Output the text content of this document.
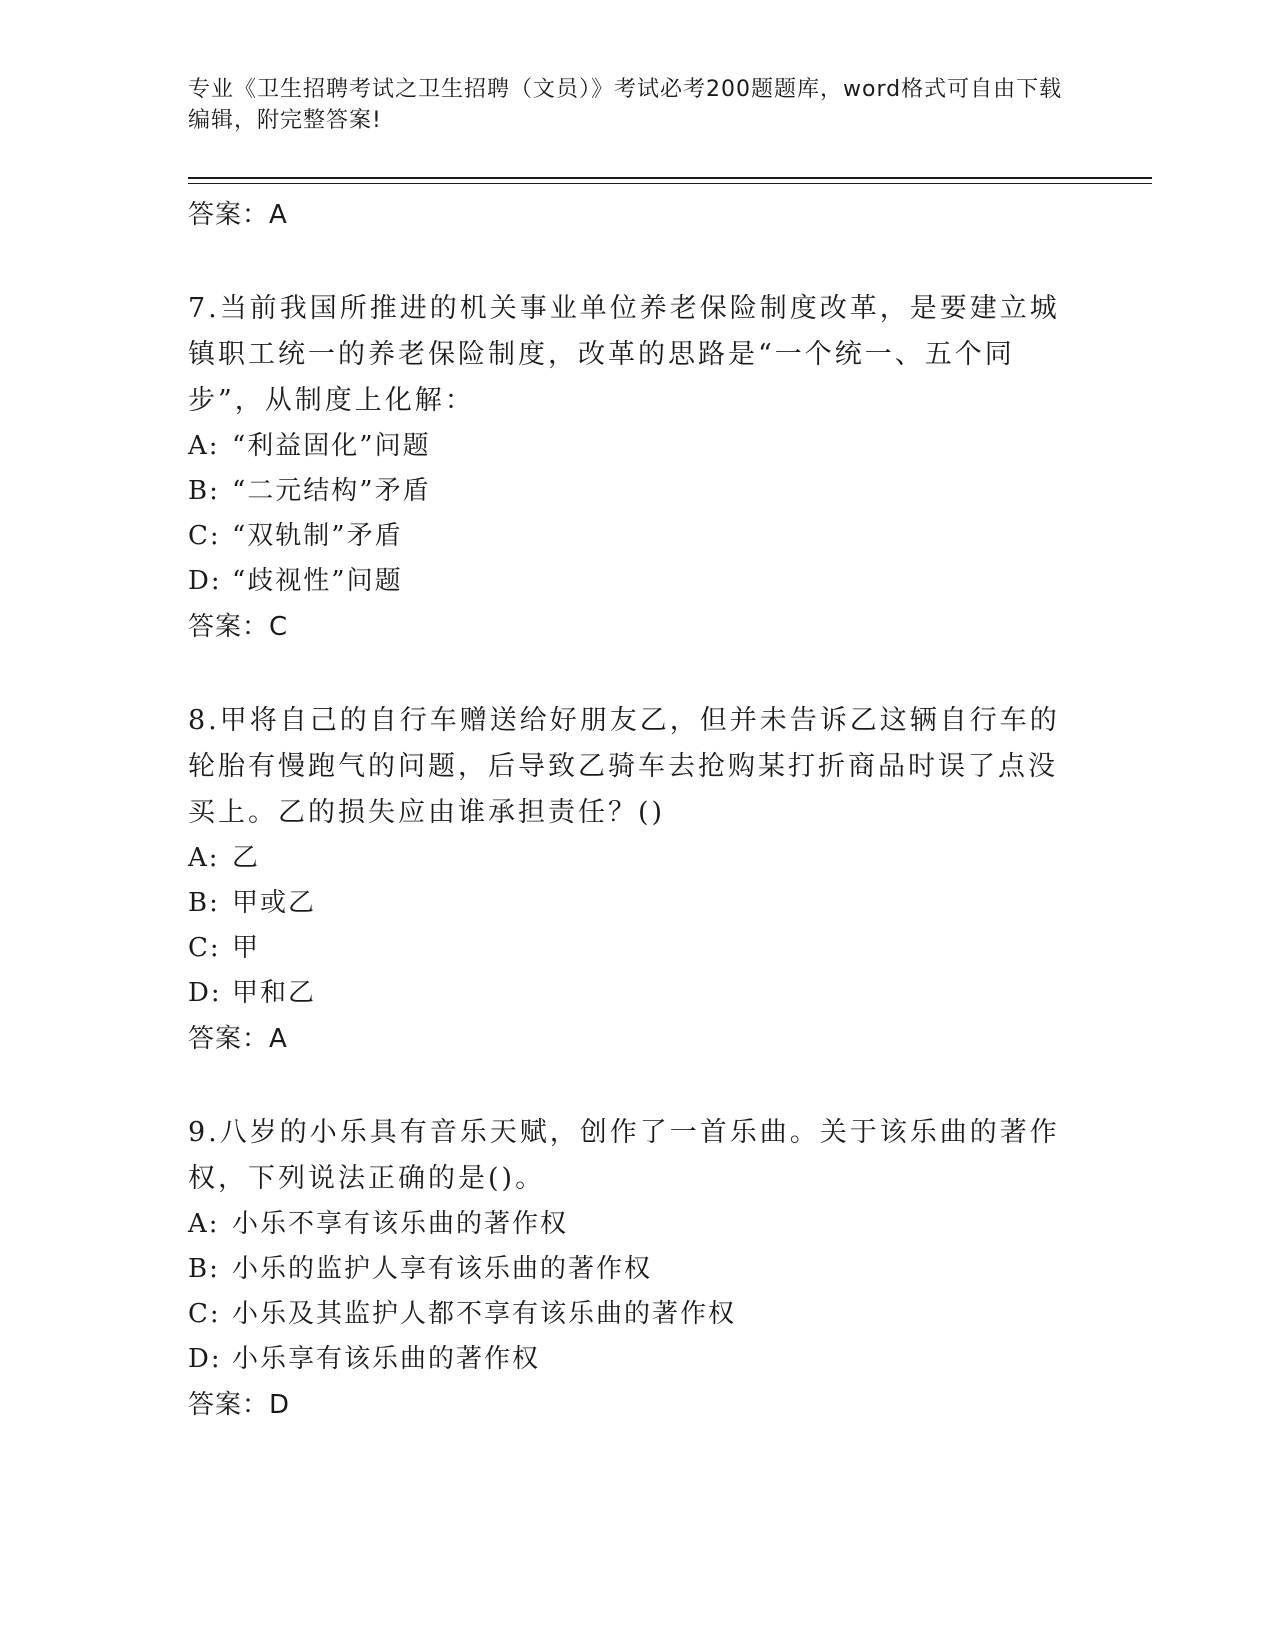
专业《卫生招聘考试之卫生招聘（文员）》考试必考200题题库，word格式可自由下载编辑，附完整答案!

答案：A

7.当前我国所推进的机关事业单位养老保险制度改革，是要建立城镇职工统一的养老保险制度，改革的思路是“一个统一、五个同步”，从制度上化解：

A: “利益固化”问题

B: “二元结构”矛盾

C: “双轨制”矛盾

D: “歧视性”问题

答案：C

8.甲将自己的自行车赠送给好朋友乙，但并未告诉乙这辆自行车的轮胎有慢跑气的问题，后导致乙骑车去抢购某打折商品时误了点没买上。乙的损失应由谁承担责任？()

A: 乙

B: 甲或乙

C: 甲

D: 甲和乙

答案：A

9.八岁的小乐具有音乐天赋，创作了一首乐曲。关于该乐曲的著作权，下列说法正确的是()。

A: 小乐不享有该乐曲的著作权

B: 小乐的监护人享有该乐曲的著作权

C: 小乐及其监护人都不享有该乐曲的著作权

D: 小乐享有该乐曲的著作权

答案：D
